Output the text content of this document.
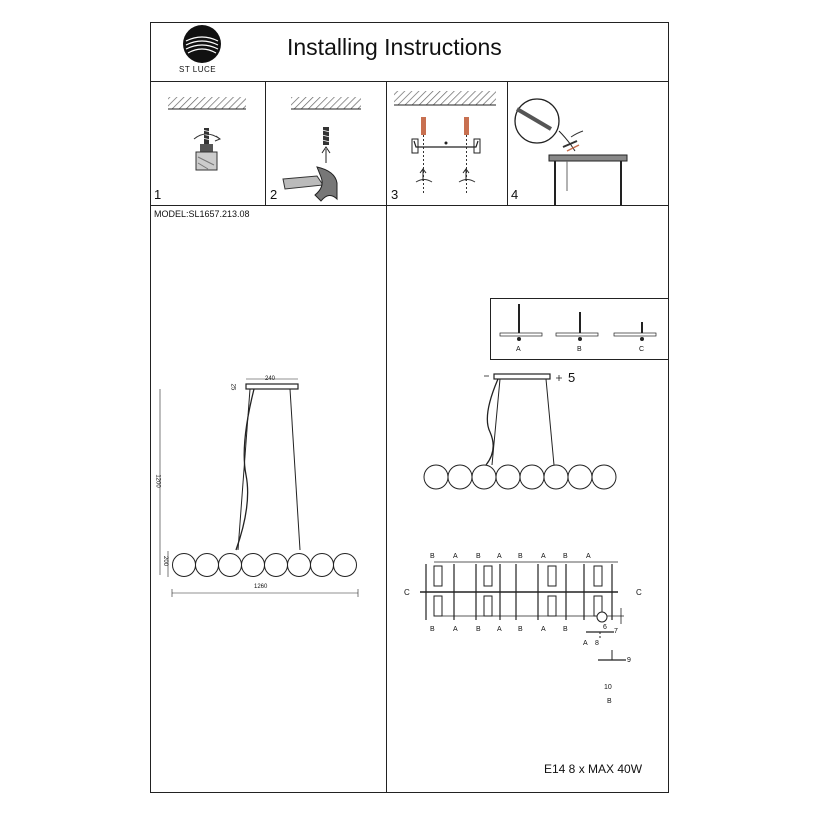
Installing Instructions
ST LUCE
1	2	3	4
MODEL:SL1657.213.08
240
25
1200
200
1260
A	B	C
5
B	A	B A B	A B	A
B	A	B A B	A B
C	C
6
7
A 8
9
10
B
E14 8 x MAX 40W
